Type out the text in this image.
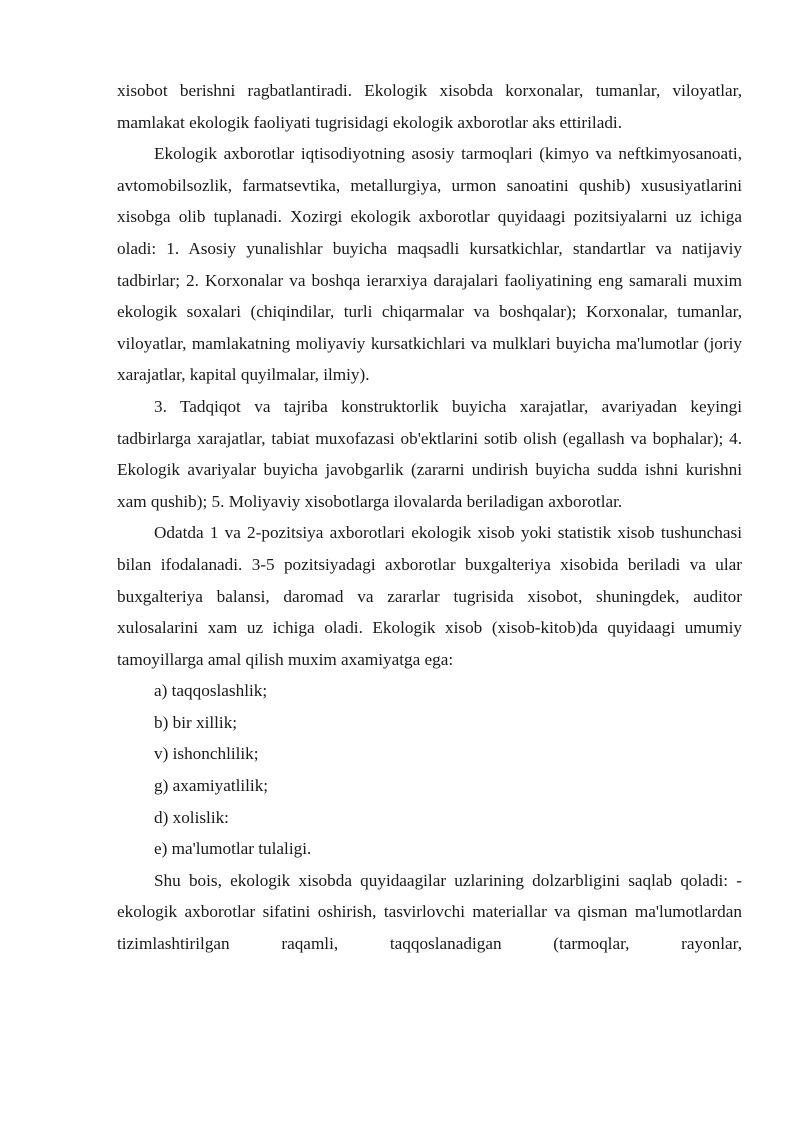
xisobot berishni ragbatlantiradi. Ekologik xisobda korxonalar, tumanlar, viloyatlar, mamlakat ekologik faoliyati tugrisidagi ekologik axborotlar aks ettiriladi.

Ekologik axborotlar iqtisodiyotning asosiy tarmoqlari (kimyo va neftkimyosanoati, avtomobilsozlik, farmatsevtika, metallurgiya, urmon sanoatini qushib) xususiyatlarini xisobga olib tuplanadi. Xozirgi ekologik axborotlar quyidaagi pozitsiyalarni uz ichiga oladi: 1. Asosiy yunalishlar buyicha maqsadli kursatkichlar, standartlar va natijaviy tadbirlar; 2. Korxonalar va boshqa ierarxiya darajalari faoliyatining eng samarali muxim ekologik soxalari (chiqindilar, turli chiqarmalar va boshqalar); Korxonalar, tumanlar, viloyatlar, mamlakatning moliyaviy kursatkichlari va mulklari buyicha ma'lumotlar (joriy xarajatlar, kapital quyilmalar, ilmiy).

3. Tadqiqot va tajriba konstruktorlik buyicha xarajatlar, avariyadan keyingi tadbirlarga xarajatlar, tabiat muxofazasi ob'ektlarini sotib olish (egallash va bophalar); 4. Ekologik avariyalar buyicha javobgarlik (zararni undirish buyicha sudda ishni kurishni xam qushib); 5. Moliyaviy xisobotlarga ilovalarda beriladigan axborotlar.

Odatda 1 va 2-pozitsiya axborotlari ekologik xisob yoki statistik xisob tushunchasi bilan ifodalanadi. 3-5 pozitsiyadagi axborotlar buxgalteriya xisobida beriladi va ular buxgalteriya balansi, daromad va zararlar tugrisida xisobot, shuningdek, auditor xulosalarini xam uz ichiga oladi. Ekologik xisob (xisob-kitob)da quyidaagi umumiy tamoyillarga amal qilish muxim axamiyatga ega:

a) taqqoslashlik;

b) bir xillik;

v) ishonchlilik;

g) axamiyatlilik;

d) xolislik:

e) ma'lumotlar tulaligi.

Shu bois, ekologik xisobda quyidaagilar uzlarining dolzarbligini saqlab qoladi: - ekologik axborotlar sifatini oshirish, tasvirlovchi materiallar va qisman ma'lumotlardan tizimlashtirilgan raqamli, taqqoslanadigan (tarmoqlar, rayonlar,
